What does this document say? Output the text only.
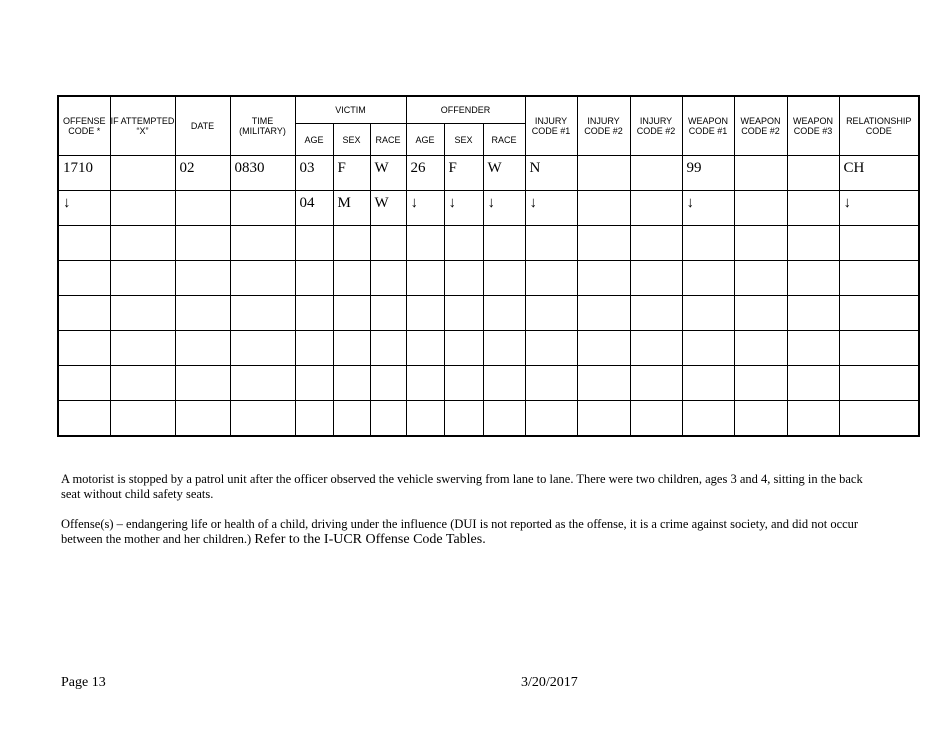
OFFENSE CODE *	IF ATTEMPTED “X”	DATE	TIME (MILITARY)	VICTIM			OFFENDER			INJURY CODE #1	INJURY CODE #2	INJURY CODE #2	WEAPON CODE #1	WEAPON CODE #2	WEAPON CODE #3	RELATIONSHIP CODE
				AGE	SEX	RACE	AGE	SEX	RACE							
1710		02	0830	03	F	W	26	F	W	N			99			CH
↓				04	M	W	↓	↓	↓	↓			↓			↓

A motorist is stopped by a patrol unit after the officer observed the vehicle swerving from lane to lane. There were two children, ages 3 and 4, sitting in the back seat without child safety seats.

Offense(s) – endangering life or health of a child, driving under the influence (DUI is not reported as the offense, it is a crime against society, and did not occur between the mother and her children.) Refer to the I-UCR Offense Code Tables.

Page 13	3/20/2017
